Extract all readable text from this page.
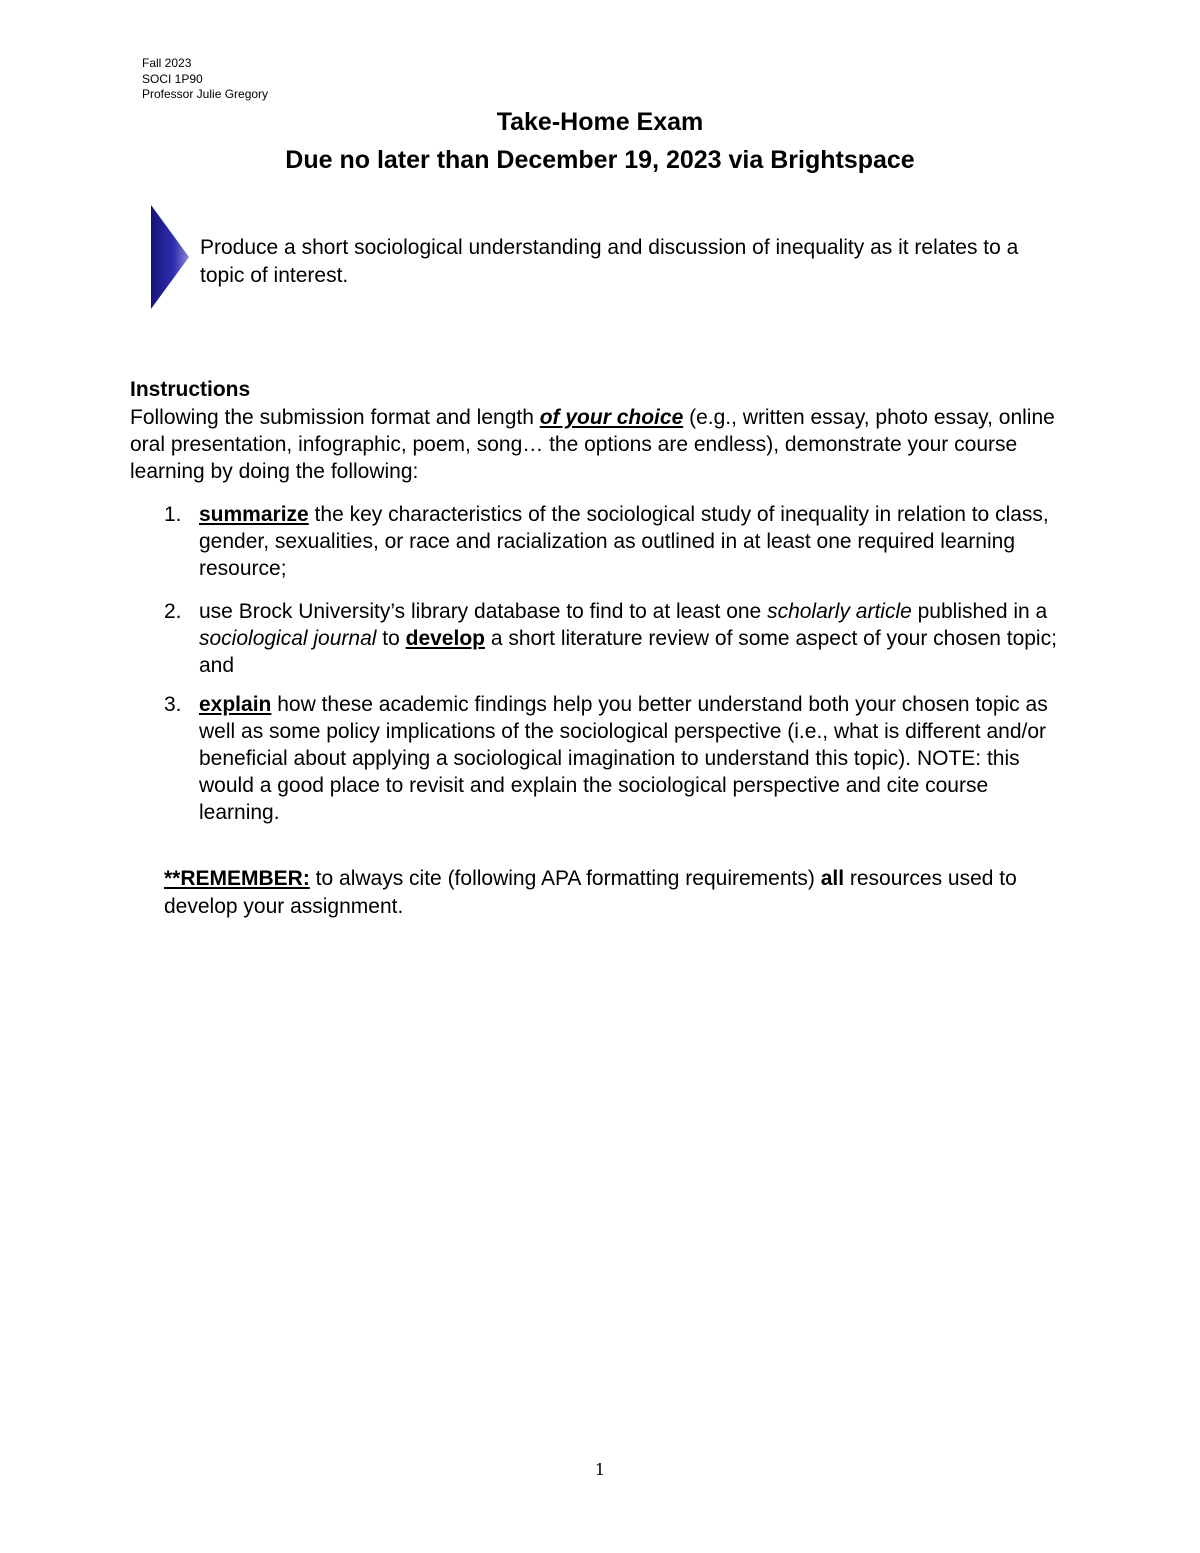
Fall 2023
SOCI 1P90
Professor Julie Gregory
Take-Home Exam
Due no later than December 19, 2023 via Brightspace
Produce a short sociological understanding and discussion of inequality as it relates to a topic of interest.
Instructions
Following the submission format and length of your choice (e.g., written essay, photo essay, online oral presentation, infographic, poem, song… the options are endless), demonstrate your course learning by doing the following:
1. summarize the key characteristics of the sociological study of inequality in relation to class, gender, sexualities, or race and racialization as outlined in at least one required learning resource;
2. use Brock University’s library database to find to at least one scholarly article published in a sociological journal to develop a short literature review of some aspect of your chosen topic; and
3. explain how these academic findings help you better understand both your chosen topic as well as some policy implications of the sociological perspective (i.e., what is different and/or beneficial about applying a sociological imagination to understand this topic). NOTE: this would a good place to revisit and explain the sociological perspective and cite course learning.
**REMEMBER: to always cite (following APA formatting requirements) all resources used to develop your assignment.
1
